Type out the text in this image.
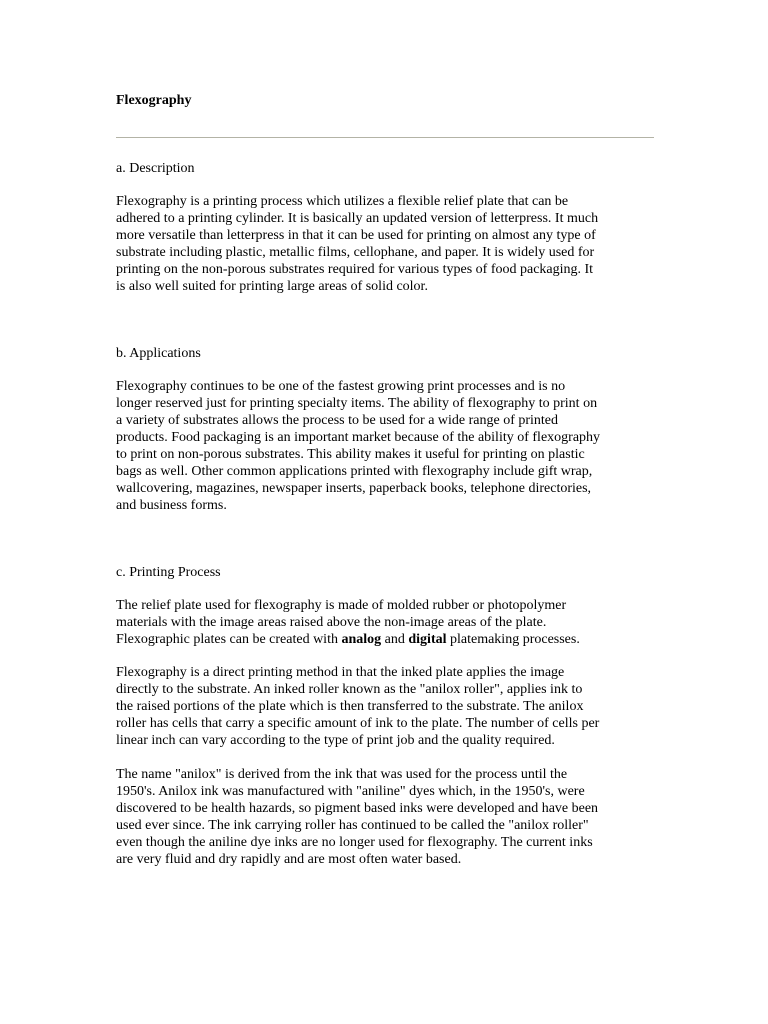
Flexography
a. Description

Flexography is a printing process which utilizes a flexible relief plate that can be
adhered to a printing cylinder. It is basically an updated version of letterpress. It much
more versatile than letterpress in that it can be used for printing on almost any type of
substrate including plastic, metallic films, cellophane, and paper. It is widely used for
printing on the non-porous substrates required for various types of food packaging. It
is also well suited for printing large areas of solid color.

b. Applications

Flexography continues to be one of the fastest growing print processes and is no
longer reserved just for printing specialty items. The ability of flexography to print on
a variety of substrates allows the process to be used for a wide range of printed
products. Food packaging is an important market because of the ability of flexography
to print on non-porous substrates. This ability makes it useful for printing on plastic
bags as well. Other common applications printed with flexography include gift wrap,
wallcovering, magazines, newspaper inserts, paperback books, telephone directories,
and business forms.

c. Printing Process

The relief plate used for flexography is made of molded rubber or photopolymer
materials with the image areas raised above the non-image areas of the plate.
Flexographic plates can be created with analog and digital platemaking processes.

Flexography is a direct printing method in that the inked plate applies the image
directly to the substrate. An inked roller known as the "anilox roller", applies ink to
the raised portions of the plate which is then transferred to the substrate. The anilox
roller has cells that carry a specific amount of ink to the plate. The number of cells per
linear inch can vary according to the type of print job and the quality required.

The name "anilox" is derived from the ink that was used for the process until the
1950's. Anilox ink was manufactured with "aniline" dyes which, in the 1950's, were
discovered to be health hazards, so pigment based inks were developed and have been
used ever since. The ink carrying roller has continued to be called the "anilox roller"
even though the aniline dye inks are no longer used for flexography. The current inks
are very fluid and dry rapidly and are most often water based.
